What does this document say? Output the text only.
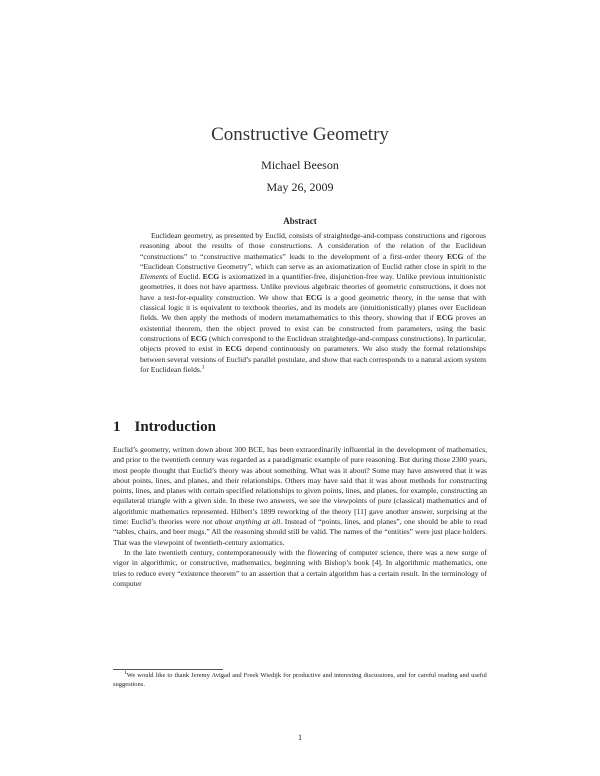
Constructive Geometry
Michael Beeson
May 26, 2009
Abstract

Euclidean geometry, as presented by Euclid, consists of straightedge-and-compass constructions and rigorous reasoning about the results of those constructions. A consideration of the relation of the Euclidean “constructions” to “constructive mathematics” leads to the development of a first-order theory ECG of the “Euclidean Constructive Geometry”, which can serve as an axiomatization of Euclid rather close in spirit to the Elements of Euclid. ECG is axiomatized in a quantifier-free, disjunction-free way. Unlike previous intuitionistic geometries, it does not have apartness. Unlike previous algebraic theories of geometric constructions, it does not have a test-for-equality construction. We show that ECG is a good geometric theory, in the sense that with classical logic it is equivalent to textbook theories, and its models are (intuitionistically) planes over Euclidean fields. We then apply the methods of modern metamathematics to this theory, showing that if ECG proves an existential theorem, then the object proved to exist can be constructed from parameters, using the basic constructions of ECG (which correspond to the Euclidean straightedge-and-compass constructions). In particular, objects proved to exist in ECG depend continuously on parameters. We also study the formal relationships between several versions of Euclid’s parallel postulate, and show that each corresponds to a natural axiom system for Euclidean fields.$^1$

1 Introduction

Euclid’s geometry, written down about 300 BCE, has been extraordinarily influential in the development of mathematics, and prior to the twentieth century was regarded as a paradigmatic example of pure reasoning. But during those 2300 years, most people thought that Euclid’s theory was about something. What was it about? Some may have answered that it was about points, lines, and planes, and their relationships. Others may have said that it was about methods for constructing points, lines, and planes with certain specified relationships to given points, lines, and planes, for example, constructing an equilateral triangle with a given side. In these two answers, we see the viewpoints of pure (classical) mathematics and of algorithmic mathematics represented. Hilbert’s 1899 reworking of the theory [11] gave another answer, surprising at the time: Euclid’s theories were not about anything at all. Instead of “points, lines, and planes”, one should be able to read “tables, chairs, and beer mugs.” All the reasoning should still be valid. The names of the “entities” were just place holders. That was the viewpoint of twentieth-century axiomatics.

In the late twentieth century, contemporaneously with the flowering of computer science, there was a new surge of vigor in algorithmic, or constructive, mathematics, beginning with Bishop’s book [4]. In algorithmic mathematics, one tries to reduce every “existence theorem” to an assertion that a certain algorithm has a certain result. In the terminology of computer

$^1$We would like to thank Jeremy Avigad and Freek Wiedijk for productive and interesting discussions, and for careful reading and useful suggestions.

1
